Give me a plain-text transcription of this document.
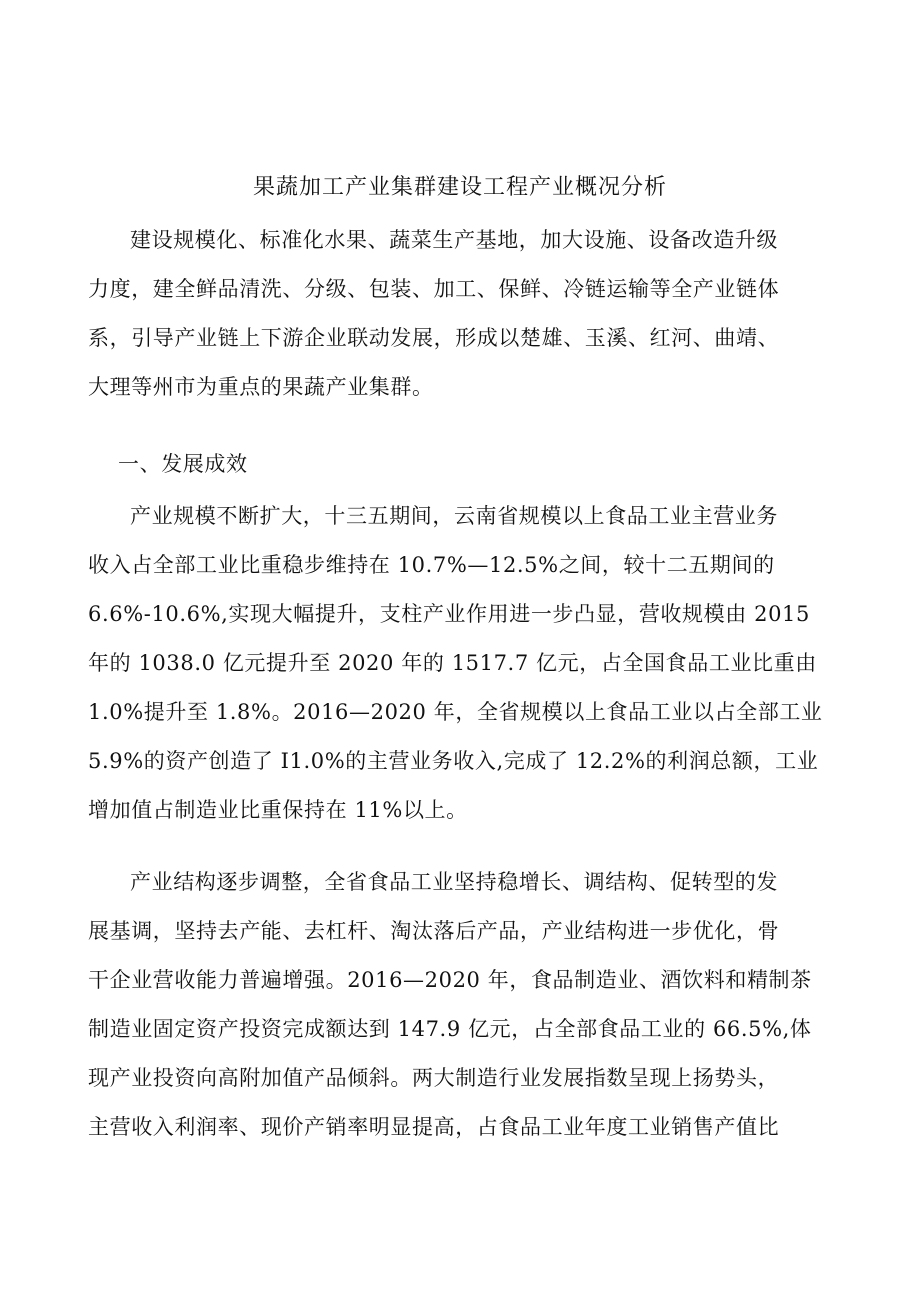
果蔬加工产业集群建设工程产业概况分析
建设规模化、标准化水果、蔬菜生产基地，加大设施、设备改造升级
力度，建全鲜品清洗、分级、包装、加工、保鲜、冷链运输等全产业链体
系，引导产业链上下游企业联动发展，形成以楚雄、玉溪、红河、曲靖、
大理等州市为重点的果蔬产业集群。
一、发展成效
产业规模不断扩大，十三五期间，云南省规模以上食品工业主营业务
收入占全部工业比重稳步维持在 10.7%—12.5%之间，较十二五期间的
6.6%-10.6%,实现大幅提升，支柱产业作用进一步凸显，营收规模由 2015
年的 1038.0 亿元提升至 2020 年的 1517.7 亿元，占全国食品工业比重由
1.0%提升至 1.8%。2016—2020 年，全省规模以上食品工业以占全部工业
5.9%的资产创造了 I1.0%的主营业务收入,完成了 12.2%的利润总额，工业
增加值占制造业比重保持在 11%以上。
产业结构逐步调整，全省食品工业坚持稳增长、调结构、促转型的发
展基调，坚持去产能、去杠杆、淘汰落后产品，产业结构进一步优化，骨
干企业营收能力普遍增强。2016—2020 年，食品制造业、酒饮料和精制茶
制造业固定资产投资完成额达到 147.9 亿元，占全部食品工业的 66.5%,体
现产业投资向高附加值产品倾斜。两大制造行业发展指数呈现上扬势头，
主营收入利润率、现价产销率明显提高，占食品工业年度工业销售产值比
